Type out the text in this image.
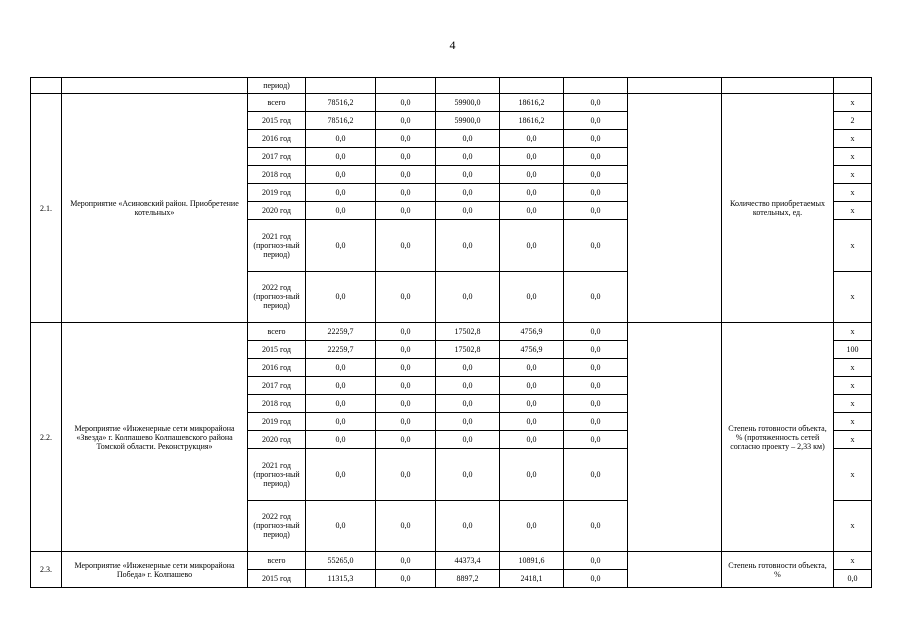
4
		период)								
2.1.	Мероприятие «Асиновский район. Приобретение котельных»	всего	78516,2	0,0	59900,0	18616,2	0,0		Количество приобретаемых котельных, ед.	x
		2015 год	78516,2	0,0	59900,0	18616,2	0,0			2
		2016 год	0,0	0,0	0,0	0,0	0,0			x
		2017 год	0,0	0,0	0,0	0,0	0,0			x
		2018 год	0,0	0,0	0,0	0,0	0,0			x
		2019 год	0,0	0,0	0,0	0,0	0,0			x
		2020 год	0,0	0,0	0,0	0,0	0,0			x
		2021 год (прогноз-ный период)	0,0	0,0	0,0	0,0	0,0			x
		2022 год (прогноз-ный период)	0,0	0,0	0,0	0,0	0,0			x
2.2.	Мероприятие «Инженерные сети микрорайона «Звезда» г. Колпашево Колпашевского района Томской области. Реконструкция»	всего	22259,7	0,0	17502,8	4756,9	0,0		Степень готовности объекта, % (протяженность сетей согласно проекту – 2,33 км)	x
		2015 год	22259,7	0,0	17502,8	4756,9	0,0			100
		2016 год	0,0	0,0	0,0	0,0	0,0			x
		2017 год	0,0	0,0	0,0	0,0	0,0			x
		2018 год	0,0	0,0	0,0	0,0	0,0			x
		2019 год	0,0	0,0	0,0	0,0	0,0			x
		2020 год	0,0	0,0	0,0	0,0	0,0			x
		2021 год (прогноз-ный период)	0,0	0,0	0,0	0,0	0,0			x
		2022 год (прогноз-ный период)	0,0	0,0	0,0	0,0	0,0			x
2.3.	Мероприятие «Инженерные сети микрорайона Победа» г. Колпашево	всего	55265,0	0,0	44373,4	10891,6	0,0		Степень готовности объекта, %	x
		2015 год	11315,3	0,0	8897,2	2418,1	0,0			0,0
